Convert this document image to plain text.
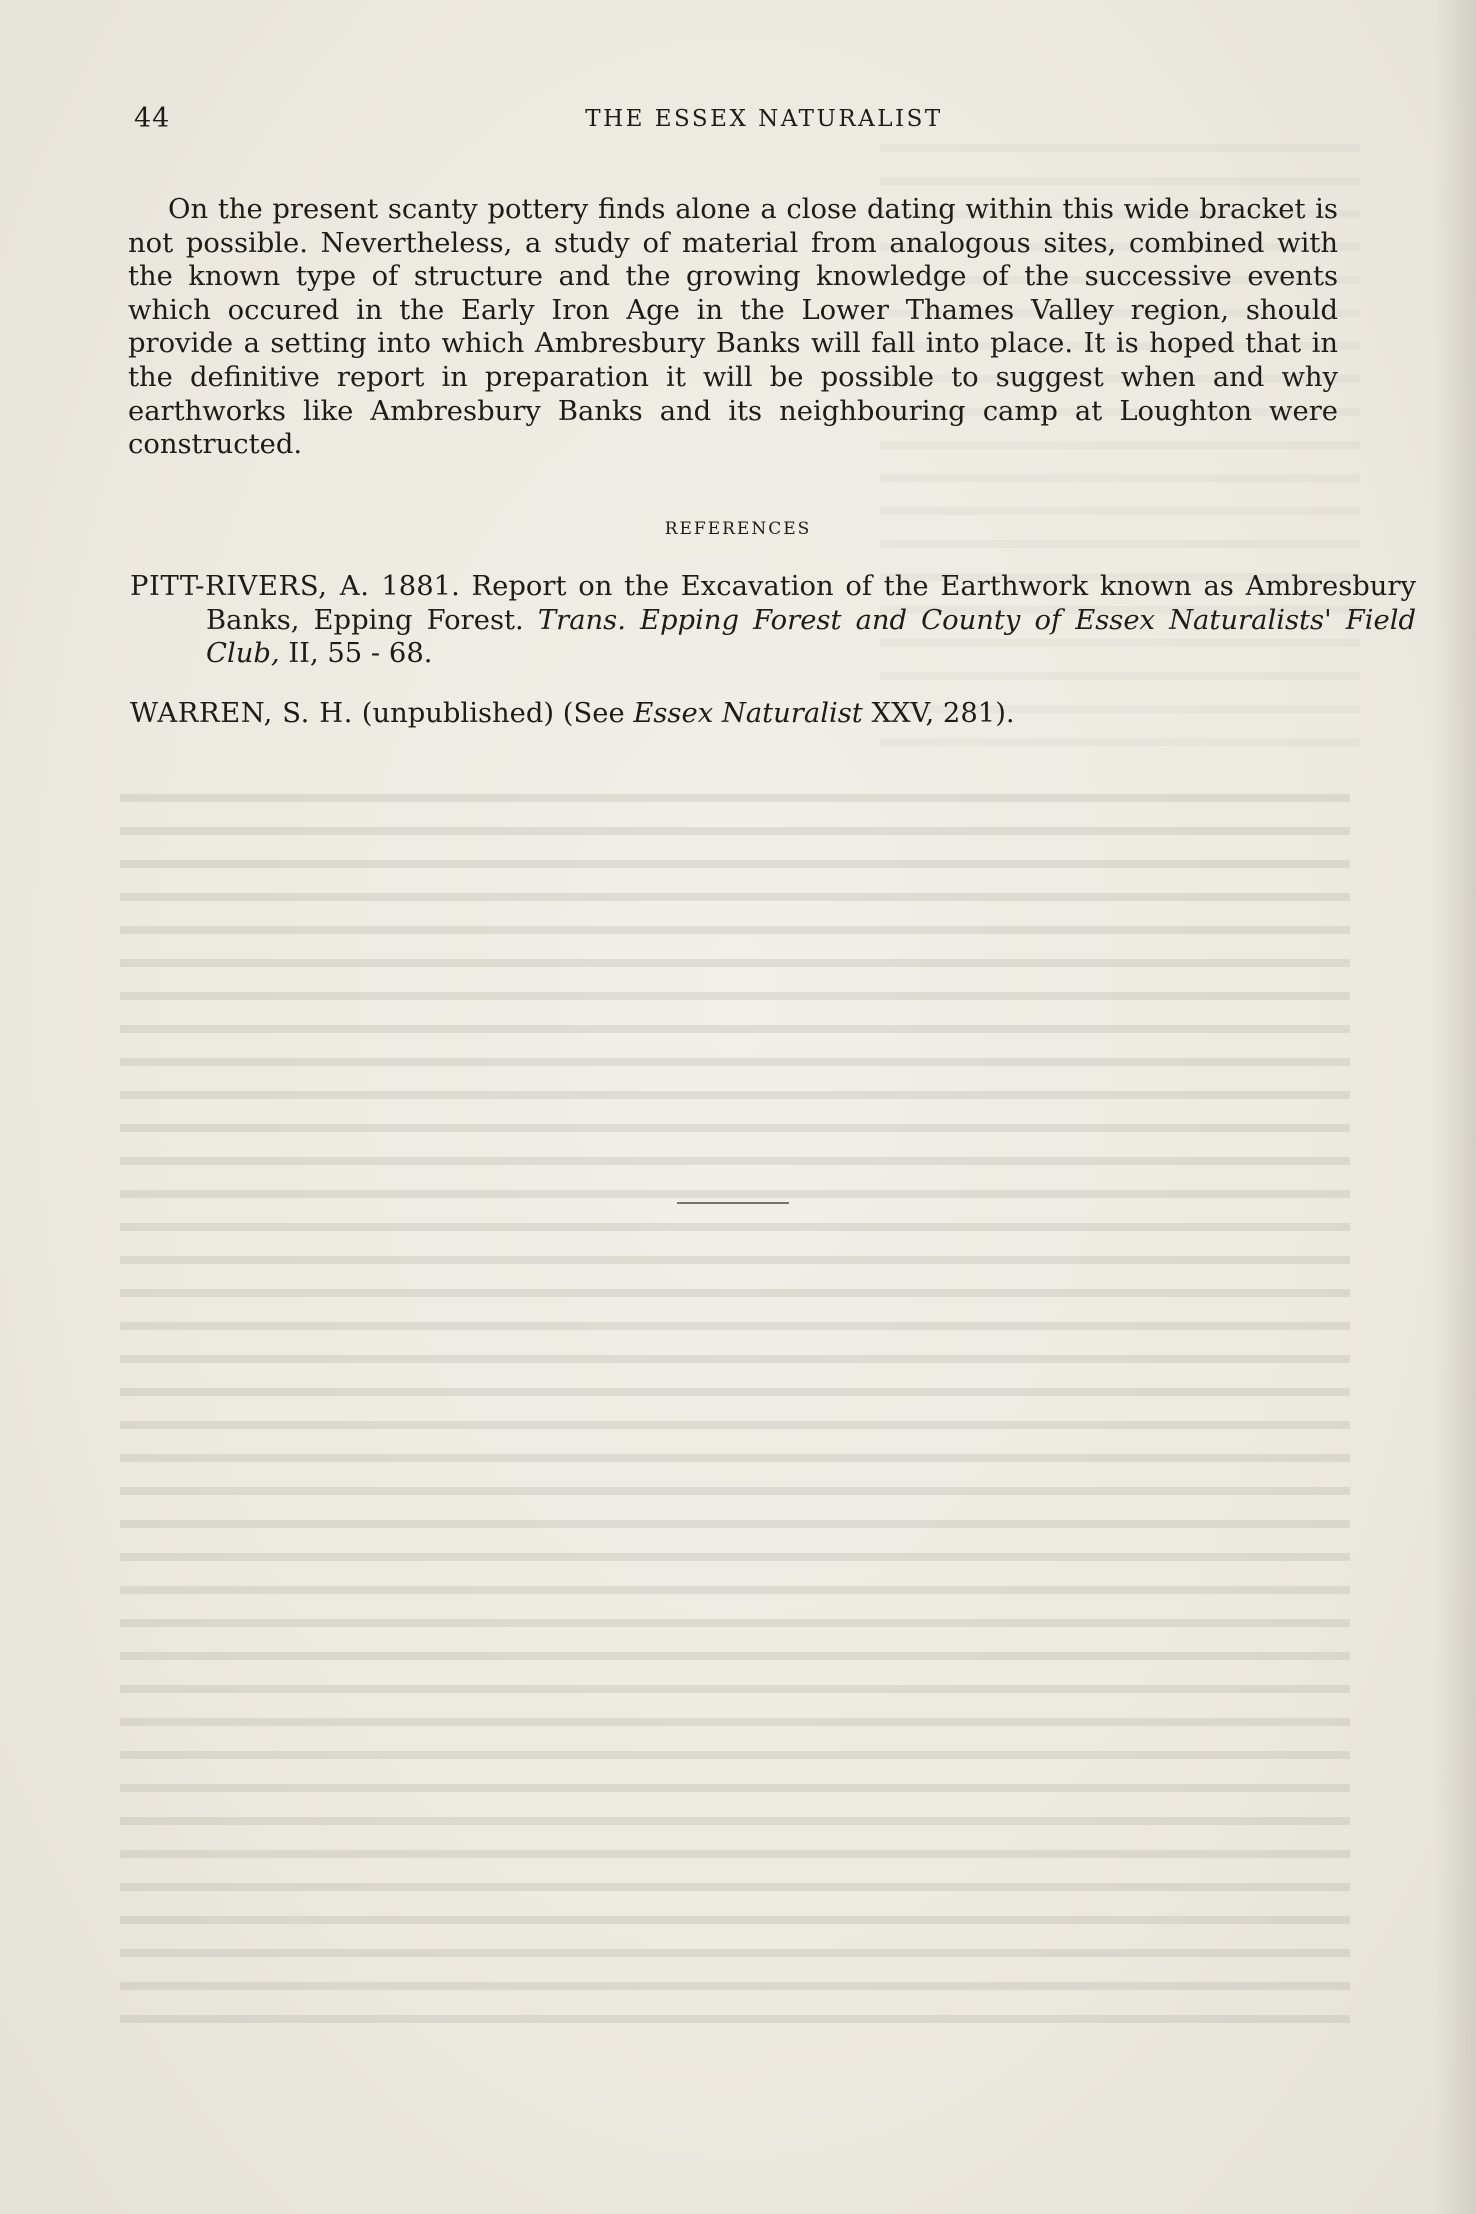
44	THE ESSEX NATURALIST

On the present scanty pottery finds alone a close dating within this wide bracket is not possible. Nevertheless, a study of material from analogous sites, combined with the known type of structure and the growing knowledge of the successive events which occured in the Early Iron Age in the Lower Thames Valley region, should provide a setting into which Ambresbury Banks will fall into place. It is hoped that in the definitive report in preparation it will be possible to suggest when and why earthworks like Ambresbury Banks and its neighbouring camp at Loughton were constructed.

REFERENCES

PITT-RIVERS, A. 1881. Report on the Excavation of the Earthwork known as Ambresbury Banks, Epping Forest. Trans. Epping Forest and County of Essex Naturalists' Field Club, II, 55 - 68.

WARREN, S. H. (unpublished) (See Essex Naturalist XXV, 281).
